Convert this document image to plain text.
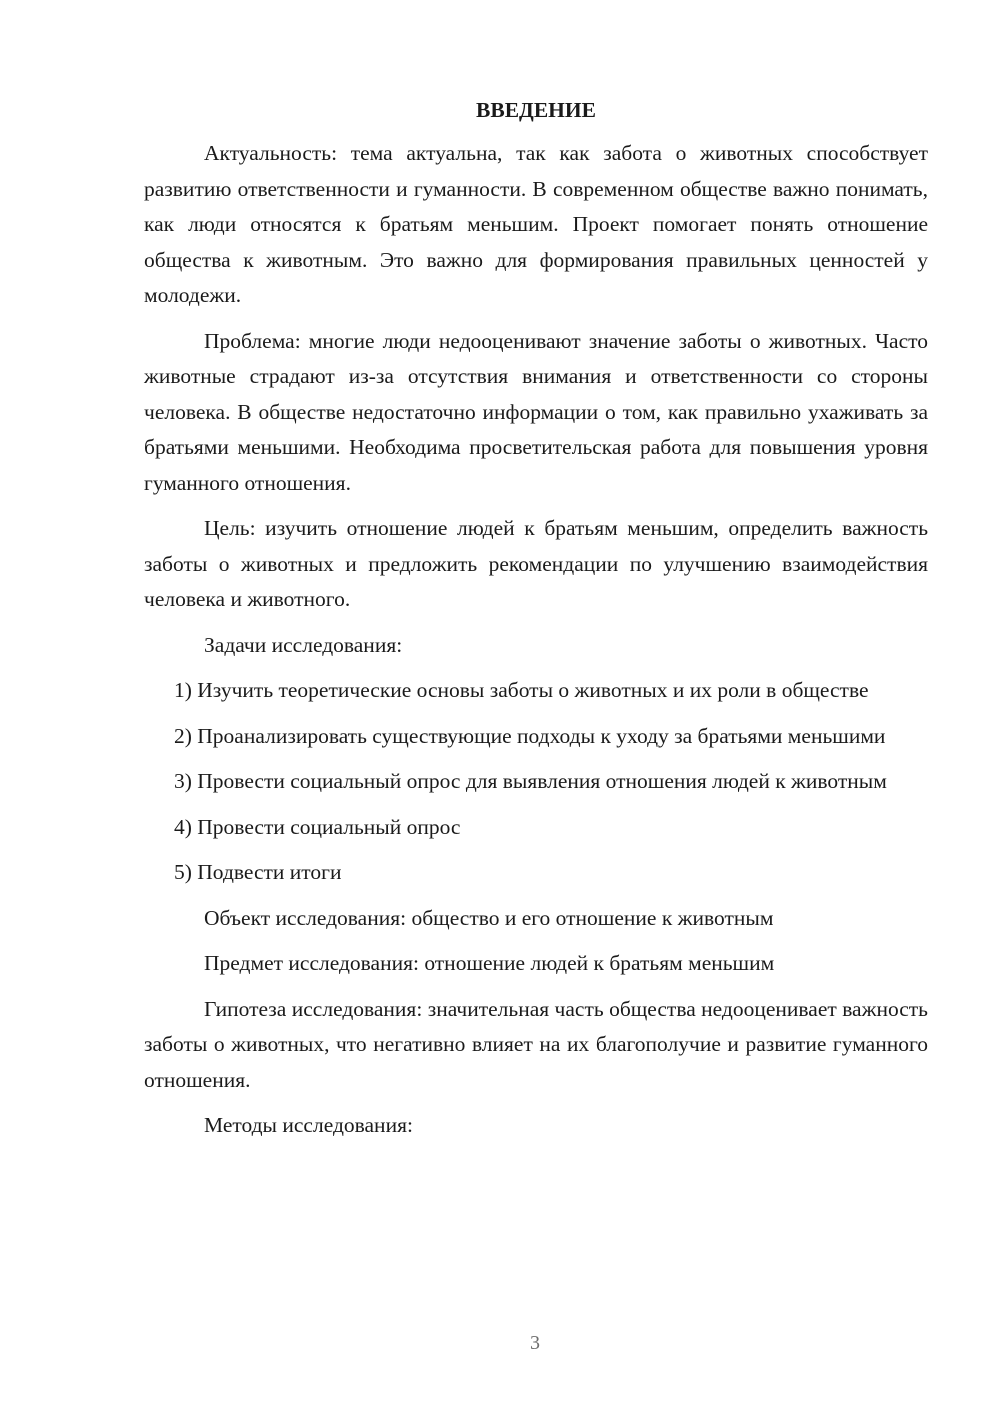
ВВЕДЕНИЕ

Актуальность: тема актуальна, так как забота о животных способствует развитию ответственности и гуманности. В современном обществе важно понимать, как люди относятся к братьям меньшим. Проект помогает понять отношение общества к животным. Это важно для формирования правильных ценностей у молодежи.

Проблема: многие люди недооценивают значение заботы о животных. Часто животные страдают из-за отсутствия внимания и ответственности со стороны человека. В обществе недостаточно информации о том, как правильно ухаживать за братьями меньшими. Необходима просветительская работа для повышения уровня гуманного отношения.

Цель: изучить отношение людей к братьям меньшим, определить важность заботы о животных и предложить рекомендации по улучшению взаимодействия человека и животного.

Задачи исследования:

1) Изучить теоретические основы заботы о животных и их роли в обществе

2) Проанализировать существующие подходы к уходу за братьями меньшими

3) Провести социальный опрос для выявления отношения людей к животным

4) Провести социальный опрос

5) Подвести итоги

Объект исследования: общество и его отношение к животным

Предмет исследования: отношение людей к братьям меньшим

Гипотеза исследования: значительная часть общества недооценивает важность заботы о животных, что негативно влияет на их благополучие и развитие гуманного отношения.

Методы исследования:

3
